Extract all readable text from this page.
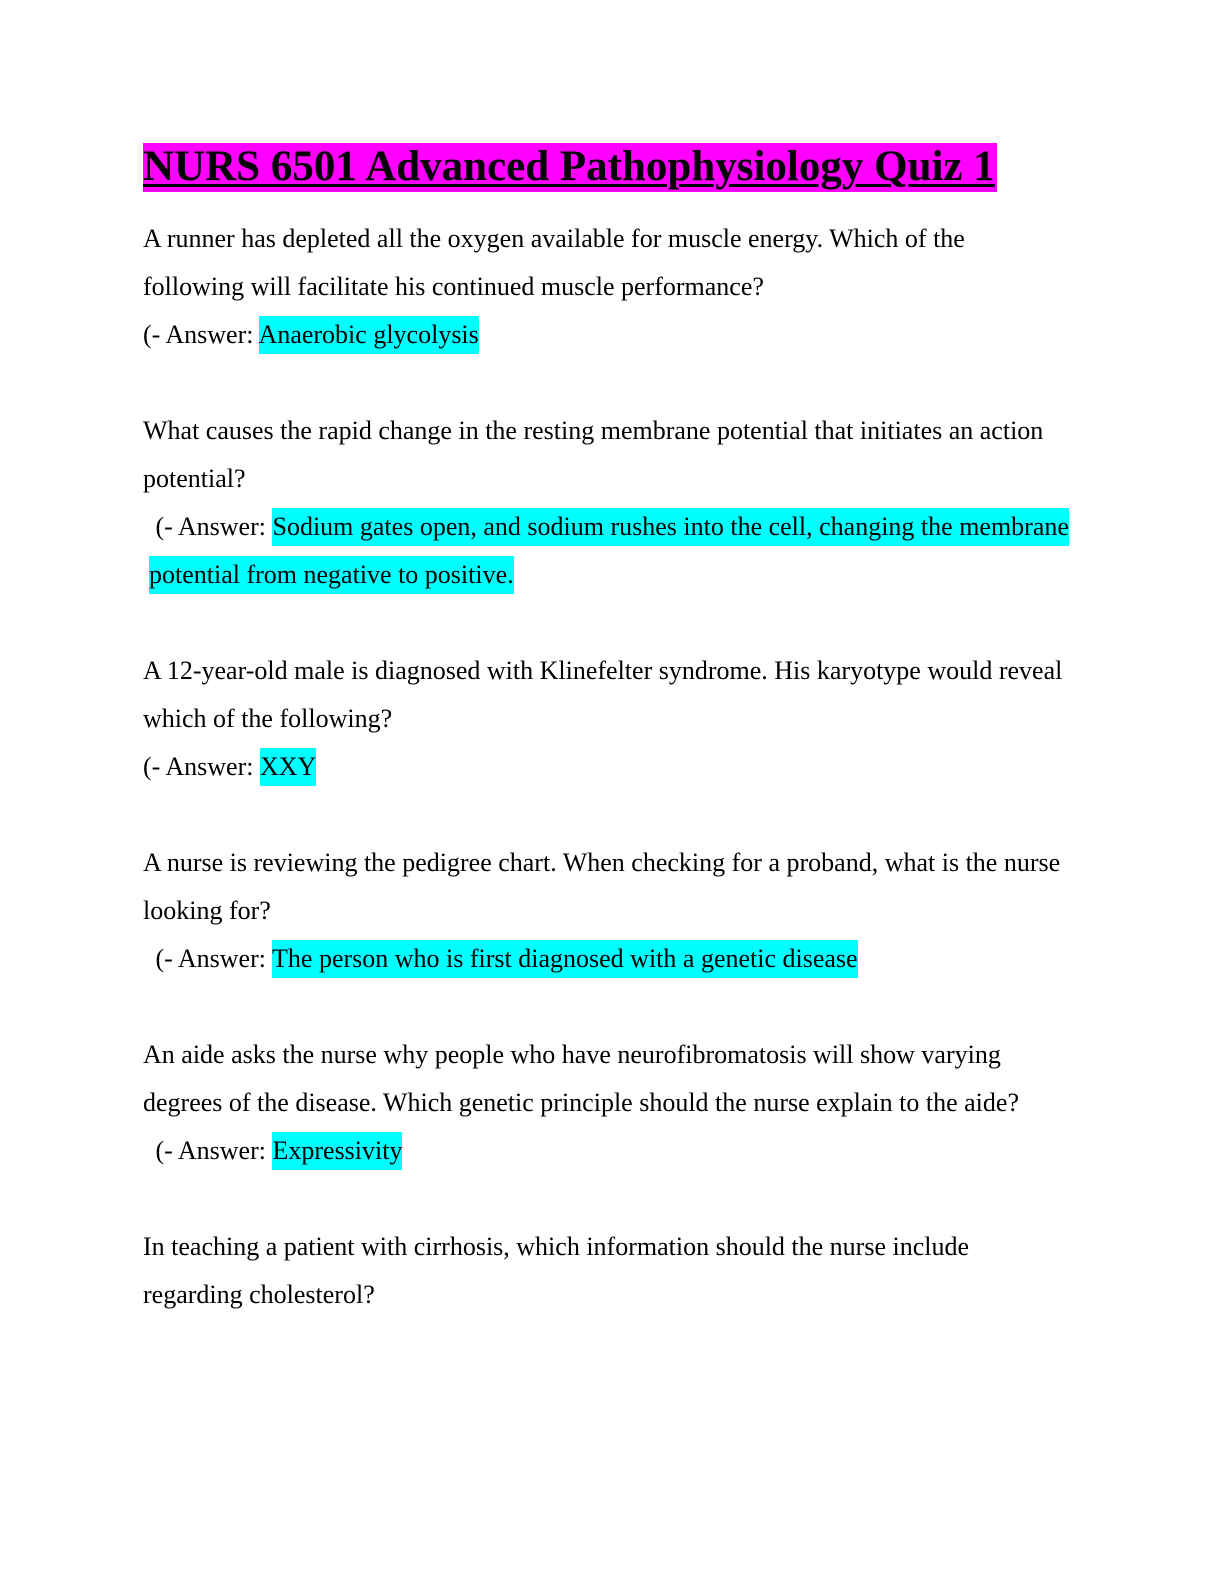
NURS 6501 Advanced Pathophysiology Quiz 1

A runner has depleted all the oxygen available for muscle energy. Which of the following will facilitate his continued muscle performance?

(- Answer: Anaerobic glycolysis

What causes the rapid change in the resting membrane potential that initiates an action potential?

(- Answer: Sodium gates open, and sodium rushes into the cell, changing the membrane potential from negative to positive.

A 12-year-old male is diagnosed with Klinefelter syndrome. His karyotype would reveal which of the following?

(- Answer: XXY

A nurse is reviewing the pedigree chart. When checking for a proband, what is the nurse looking for?

(- Answer: The person who is first diagnosed with a genetic disease

An aide asks the nurse why people who have neurofibromatosis will show varying degrees of the disease. Which genetic principle should the nurse explain to the aide?

(- Answer: Expressivity

In teaching a patient with cirrhosis, which information should the nurse include regarding cholesterol?
